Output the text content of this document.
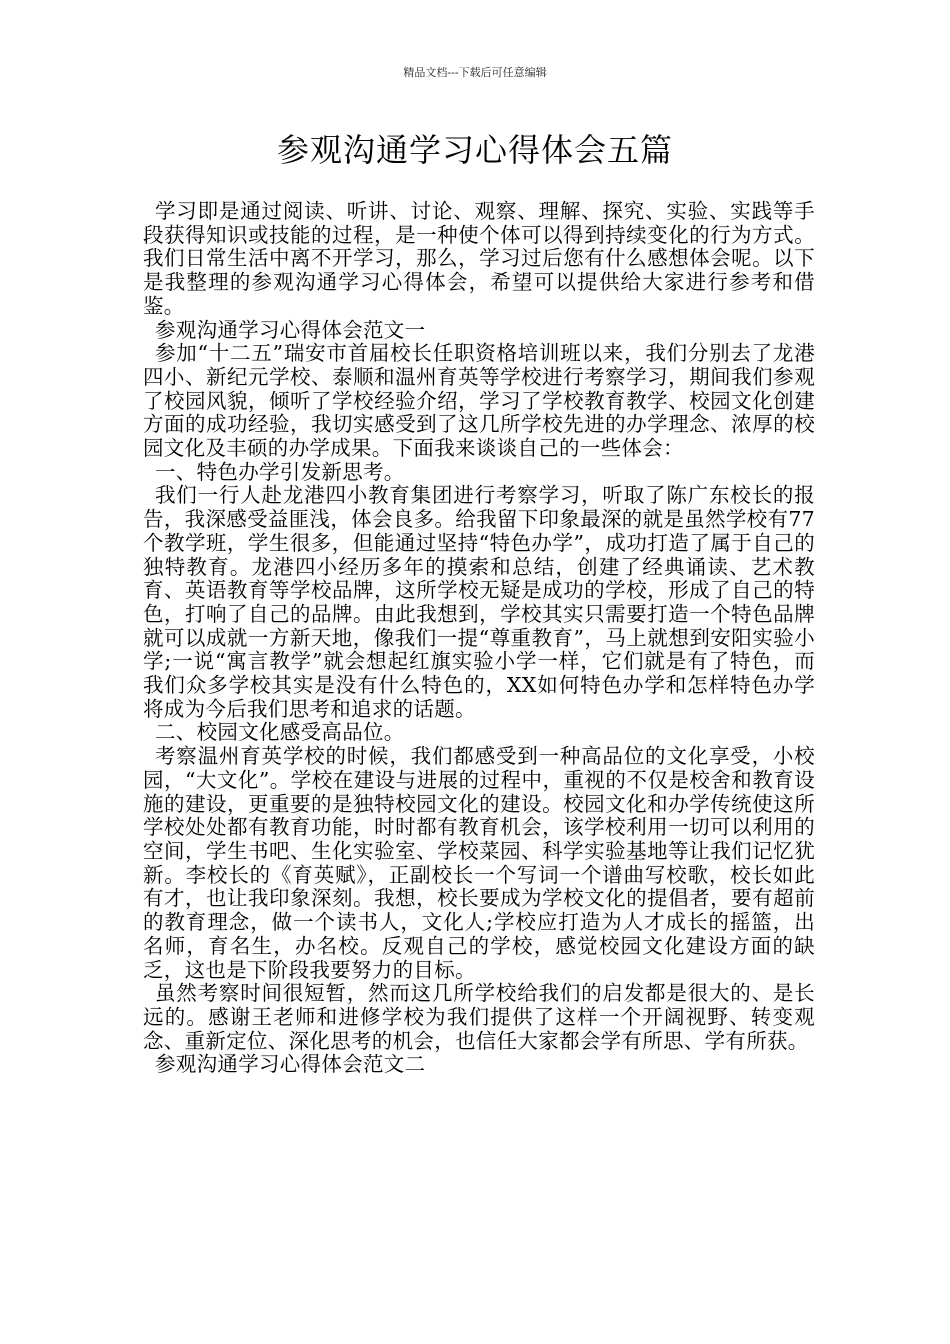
精品文档---下载后可任意编辑
参观沟通学习心得体会五篇

学习即是通过阅读、听讲、讨论、观察、理解、探究、实验、实践等手段获得知识或技能的过程，是一种使个体可以得到持续变化的行为方式。我们日常生活中离不开学习，那么，学习过后您有什么感想体会呢。以下是我整理的参观沟通学习心得体会，希望可以提供给大家进行参考和借鉴。

参观沟通学习心得体会范文一

参加“十二五”瑞安市首届校长任职资格培训班以来，我们分别去了龙港四小、新纪元学校、泰顺和温州育英等学校进行考察学习，期间我们参观了校园风貌，倾听了学校经验介绍，学习了学校教育教学、校园文化创建方面的成功经验，我切实感受到了这几所学校先进的办学理念、浓厚的校园文化及丰硕的办学成果。下面我来谈谈自己的一些体会：

一、特色办学引发新思考。

我们一行人赴龙港四小教育集团进行考察学习，听取了陈广东校长的报告，我深感受益匪浅，体会良多。给我留下印象最深的就是虽然学校有77个教学班，学生很多，但能通过坚持“特色办学”，成功打造了属于自己的独特教育。龙港四小经历多年的摸索和总结，创建了经典诵读、艺术教育、英语教育等学校品牌，这所学校无疑是成功的学校，形成了自己的特色，打响了自己的品牌。由此我想到，学校其实只需要打造一个特色品牌就可以成就一方新天地，像我们一提“尊重教育”，马上就想到安阳实验小学;一说“寓言教学”就会想起红旗实验小学一样，它们就是有了特色，而我们众多学校其实是没有什么特色的，XX如何特色办学和怎样特色办学将成为今后我们思考和追求的话题。

二、校园文化感受高品位。

考察温州育英学校的时候，我们都感受到一种高品位的文化享受，小校园，“大文化”。学校在建设与进展的过程中，重视的不仅是校舍和教育设施的建设，更重要的是独特校园文化的建设。校园文化和办学传统使这所学校处处都有教育功能，时时都有教育机会，该学校利用一切可以利用的空间，学生书吧、生化实验室、学校菜园、科学实验基地等让我们记忆犹新。李校长的《育英赋》，正副校长一个写词一个谱曲写校歌，校长如此有才，也让我印象深刻。我想，校长要成为学校文化的提倡者，要有超前的教育理念，做一个读书人，文化人;学校应打造为人才成长的摇篮，出名师，育名生，办名校。反观自己的学校，感觉校园文化建设方面的缺乏，这也是下阶段我要努力的目标。

虽然考察时间很短暂，然而这几所学校给我们的启发都是很大的、是长远的。感谢王老师和进修学校为我们提供了这样一个开阔视野、转变观念、重新定位、深化思考的机会，也信任大家都会学有所思、学有所获。

参观沟通学习心得体会范文二
